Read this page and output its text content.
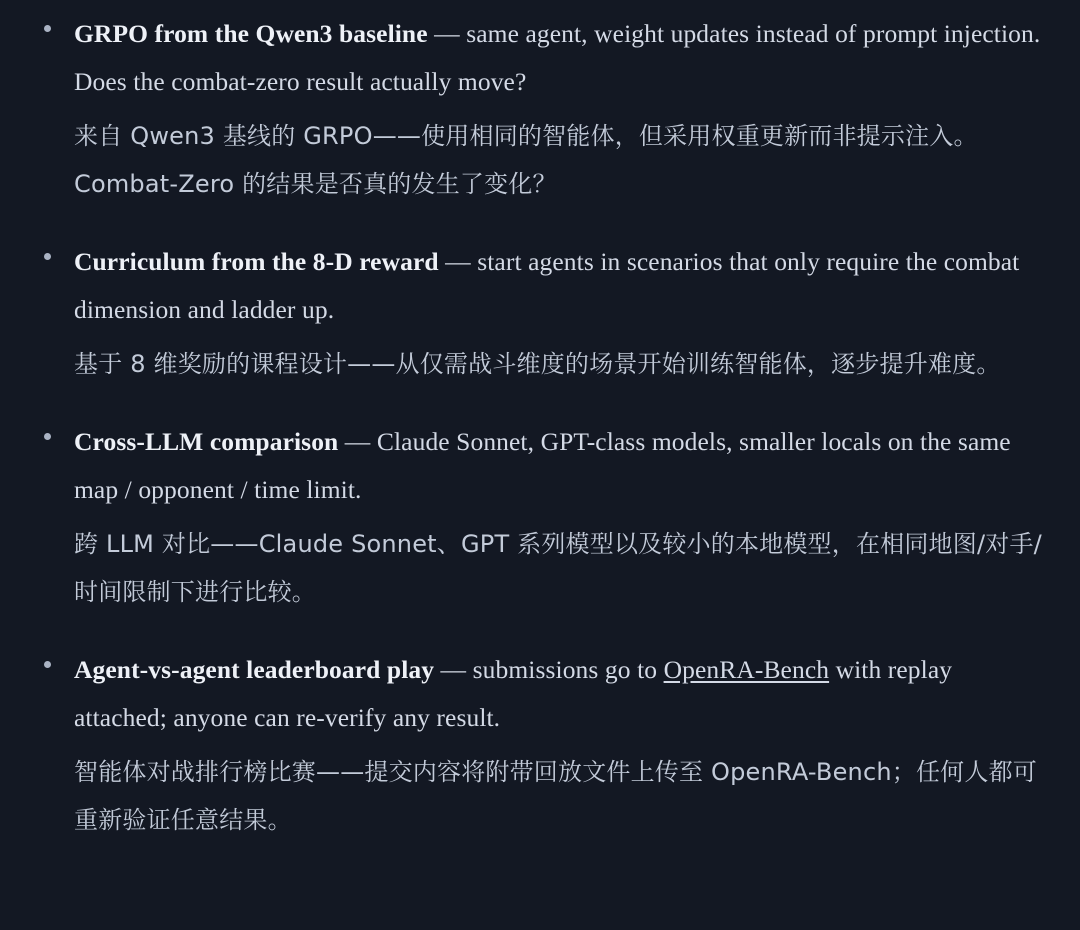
GRPO from the Qwen3 baseline — same agent, weight updates instead of prompt injection. Does the combat-zero result actually move?
来自 Qwen3 基线的 GRPO——使用相同的智能体，但采用权重更新而非提示注入。Combat-Zero 的结果是否真的发生了变化？
Curriculum from the 8-D reward — start agents in scenarios that only require the combat dimension and ladder up.
基于 8 维奖励的课程设计——从仅需战斗维度的场景开始训练智能体，逐步提升难度。
Cross-LLM comparison — Claude Sonnet, GPT-class models, smaller locals on the same map / opponent / time limit.
跨 LLM 对比——Claude Sonnet、GPT 系列模型以及较小的本地模型，在相同地图/对手/时间限制下进行比较。
Agent-vs-agent leaderboard play — submissions go to OpenRA-Bench with replay attached; anyone can re-verify any result.
智能体对战排行榜比赛——提交内容将附带回放文件上传至 OpenRA-Bench；任何人都可重新验证任意结果。
